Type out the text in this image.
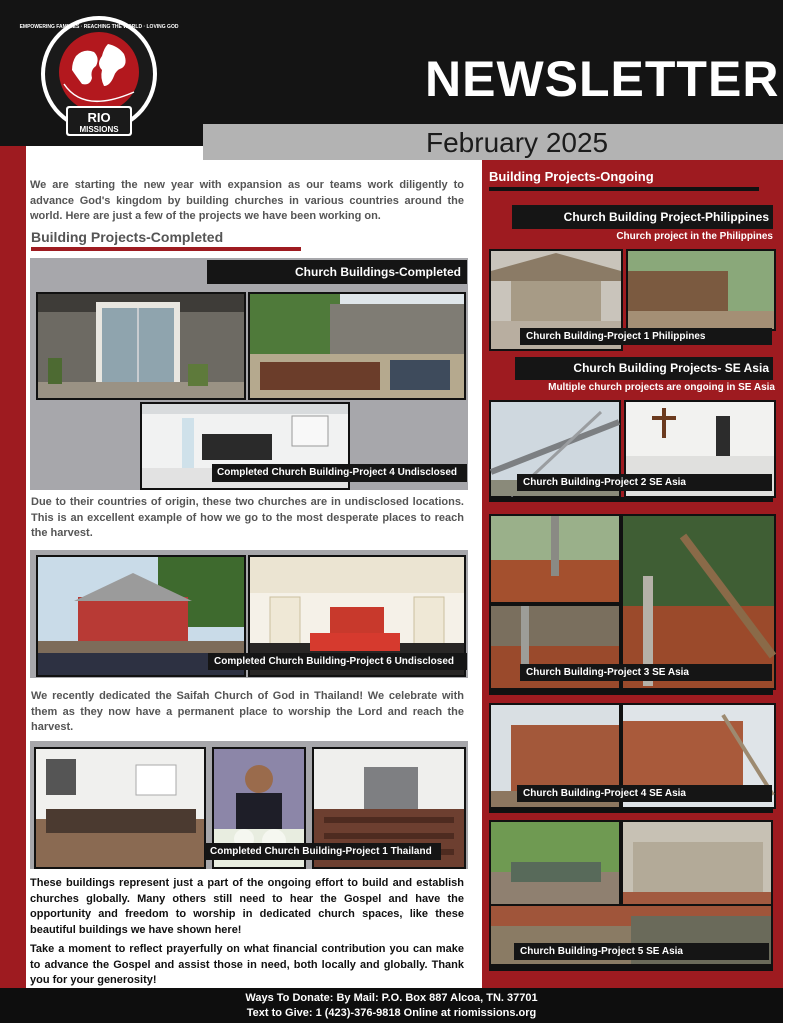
RIO
MISSIONS
EMPOWERING FAMILIES · REACHING THE WORLD · LOVING GOD
NEWSLETTER
February 2025
We are starting the new year with expansion as our teams work diligently to advance God's kingdom by building churches in various countries around the world. Here are just a few of the projects we have been working on.
Building Projects-Completed
Church Buildings-Completed
Completed Church Building-Project 4 Undisclosed
Due to their countries of origin, these two churches are in undisclosed locations. This is an excellent example of how we go to the most desperate places to reach the harvest.
Completed Church Building-Project 6 Undisclosed
We recently dedicated the Saifah Church of God in Thailand! We celebrate with them as they now have a permanent place to worship the Lord and reach the harvest.
Completed Church Building-Project 1 Thailand
These buildings represent just a part of the ongoing effort to build and establish churches globally. Many others still need to hear the Gospel and have the opportunity and freedom to worship in dedicated church spaces, like these beautiful buildings we have shown here!
Take a moment to reflect prayerfully on what financial contribution you can make to advance the Gospel and assist those in need, both locally and globally. Thank you for your generosity!
Building Projects-Ongoing
Church Building Project-Philippines
Church project in the Philippines
Church Building-Project 1 Philippines
Church Building Projects- SE Asia
Multiple church projects are ongoing in SE Asia
Church Building-Project 2 SE Asia
Church Building-Project 3 SE Asia
Church Building-Project 4 SE Asia
Church Building-Project 5 SE Asia
Ways To Donate: By Mail: P.O. Box 887 Alcoa, TN. 37701
Text to Give: 1 (423)-376-9818 Online at riomissions.org
